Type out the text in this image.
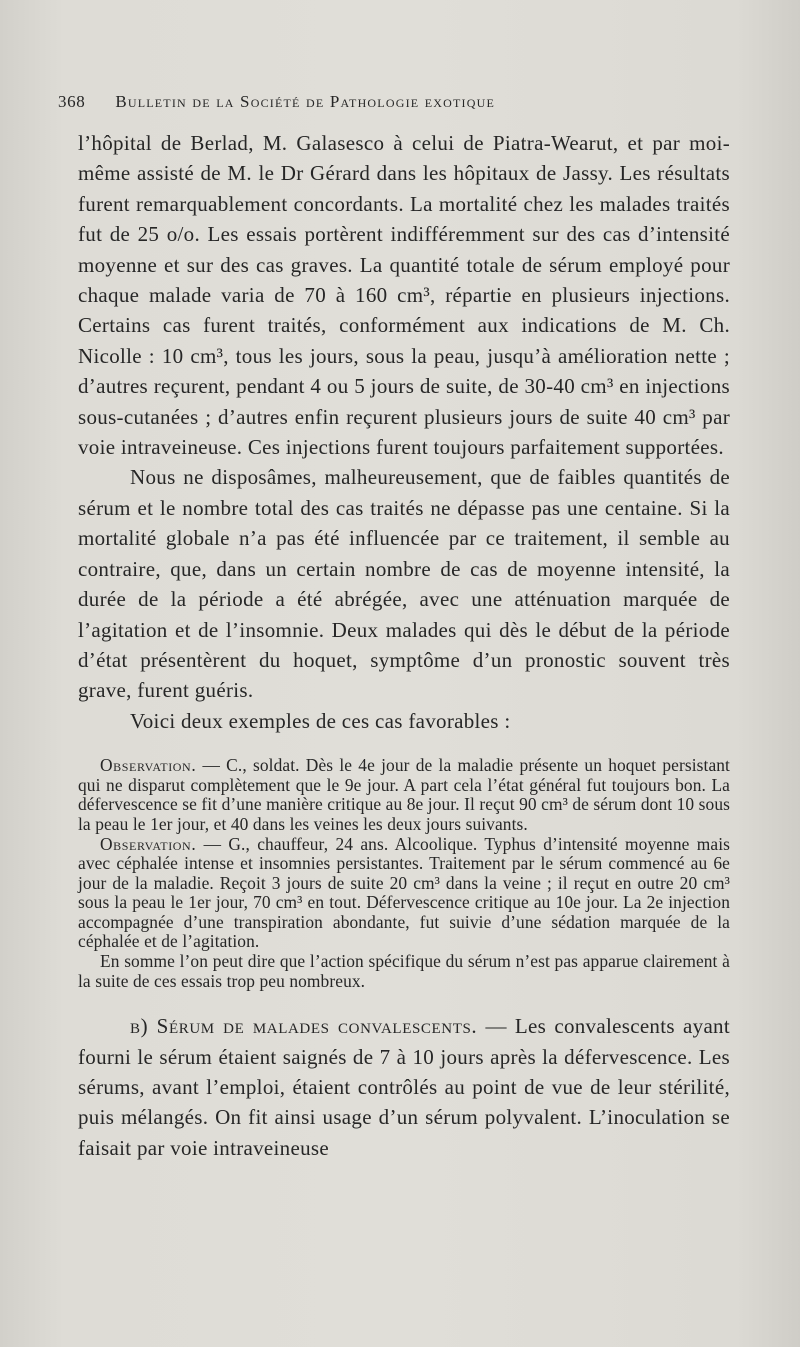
368 Bulletin de la Société de Pathologie exotique

l’hôpital de Berlad, M. Galasesco à celui de Piatra-Wearut, et par moi-même assisté de M. le Dr Gérard dans les hôpitaux de Jassy. Les résultats furent remarquablement concordants. La mortalité chez les malades traités fut de 25 o/o. Les essais portèrent indifféremment sur des cas d’intensité moyenne et sur des cas graves. La quantité totale de sérum employé pour chaque malade varia de 70 à 160 cm³, répartie en plusieurs injections. Certains cas furent traités, conformément aux indications de M. Ch. Nicolle : 10 cm³, tous les jours, sous la peau, jusqu’à amélioration nette ; d’autres reçurent, pendant 4 ou 5 jours de suite, de 30-40 cm³ en injections sous-cutanées ; d’autres enfin reçurent plusieurs jours de suite 40 cm³ par voie intraveineuse. Ces injections furent toujours parfaitement supportées.

Nous ne disposâmes, malheureusement, que de faibles quantités de sérum et le nombre total des cas traités ne dépasse pas une centaine. Si la mortalité globale n’a pas été influencée par ce traitement, il semble au contraire, que, dans un certain nombre de cas de moyenne intensité, la durée de la période a été abrégée, avec une atténuation marquée de l’agitation et de l’insomnie. Deux malades qui dès le début de la période d’état présentèrent du hoquet, symptôme d’un pronostic souvent très grave, furent guéris.

Voici deux exemples de ces cas favorables :

Observation. — C., soldat. Dès le 4e jour de la maladie présente un hoquet persistant qui ne disparut complètement que le 9e jour. A part cela l’état général fut toujours bon. La défervescence se fit d’une manière critique au 8e jour. Il reçut 90 cm³ de sérum dont 10 sous la peau le 1er jour, et 40 dans les veines les deux jours suivants.

Observation. — G., chauffeur, 24 ans. Alcoolique. Typhus d’intensité moyenne mais avec céphalée intense et insomnies persistantes. Traitement par le sérum commencé au 6e jour de la maladie. Reçoit 3 jours de suite 20 cm³ dans la veine ; il reçut en outre 20 cm³ sous la peau le 1er jour, 70 cm³ en tout. Défervescence critique au 10e jour. La 2e injection accompagnée d’une transpiration abondante, fut suivie d’une sédation marquée de la céphalée et de l’agitation.

En somme l’on peut dire que l’action spécifique du sérum n’est pas apparue clairement à la suite de ces essais trop peu nombreux.

b) Sérum de malades convalescents. — Les convalescents ayant fourni le sérum étaient saignés de 7 à 10 jours après la défervescence. Les sérums, avant l’emploi, étaient contrôlés au point de vue de leur stérilité, puis mélangés. On fit ainsi usage d’un sérum polyvalent. L’inoculation se faisait par voie intraveineuse
